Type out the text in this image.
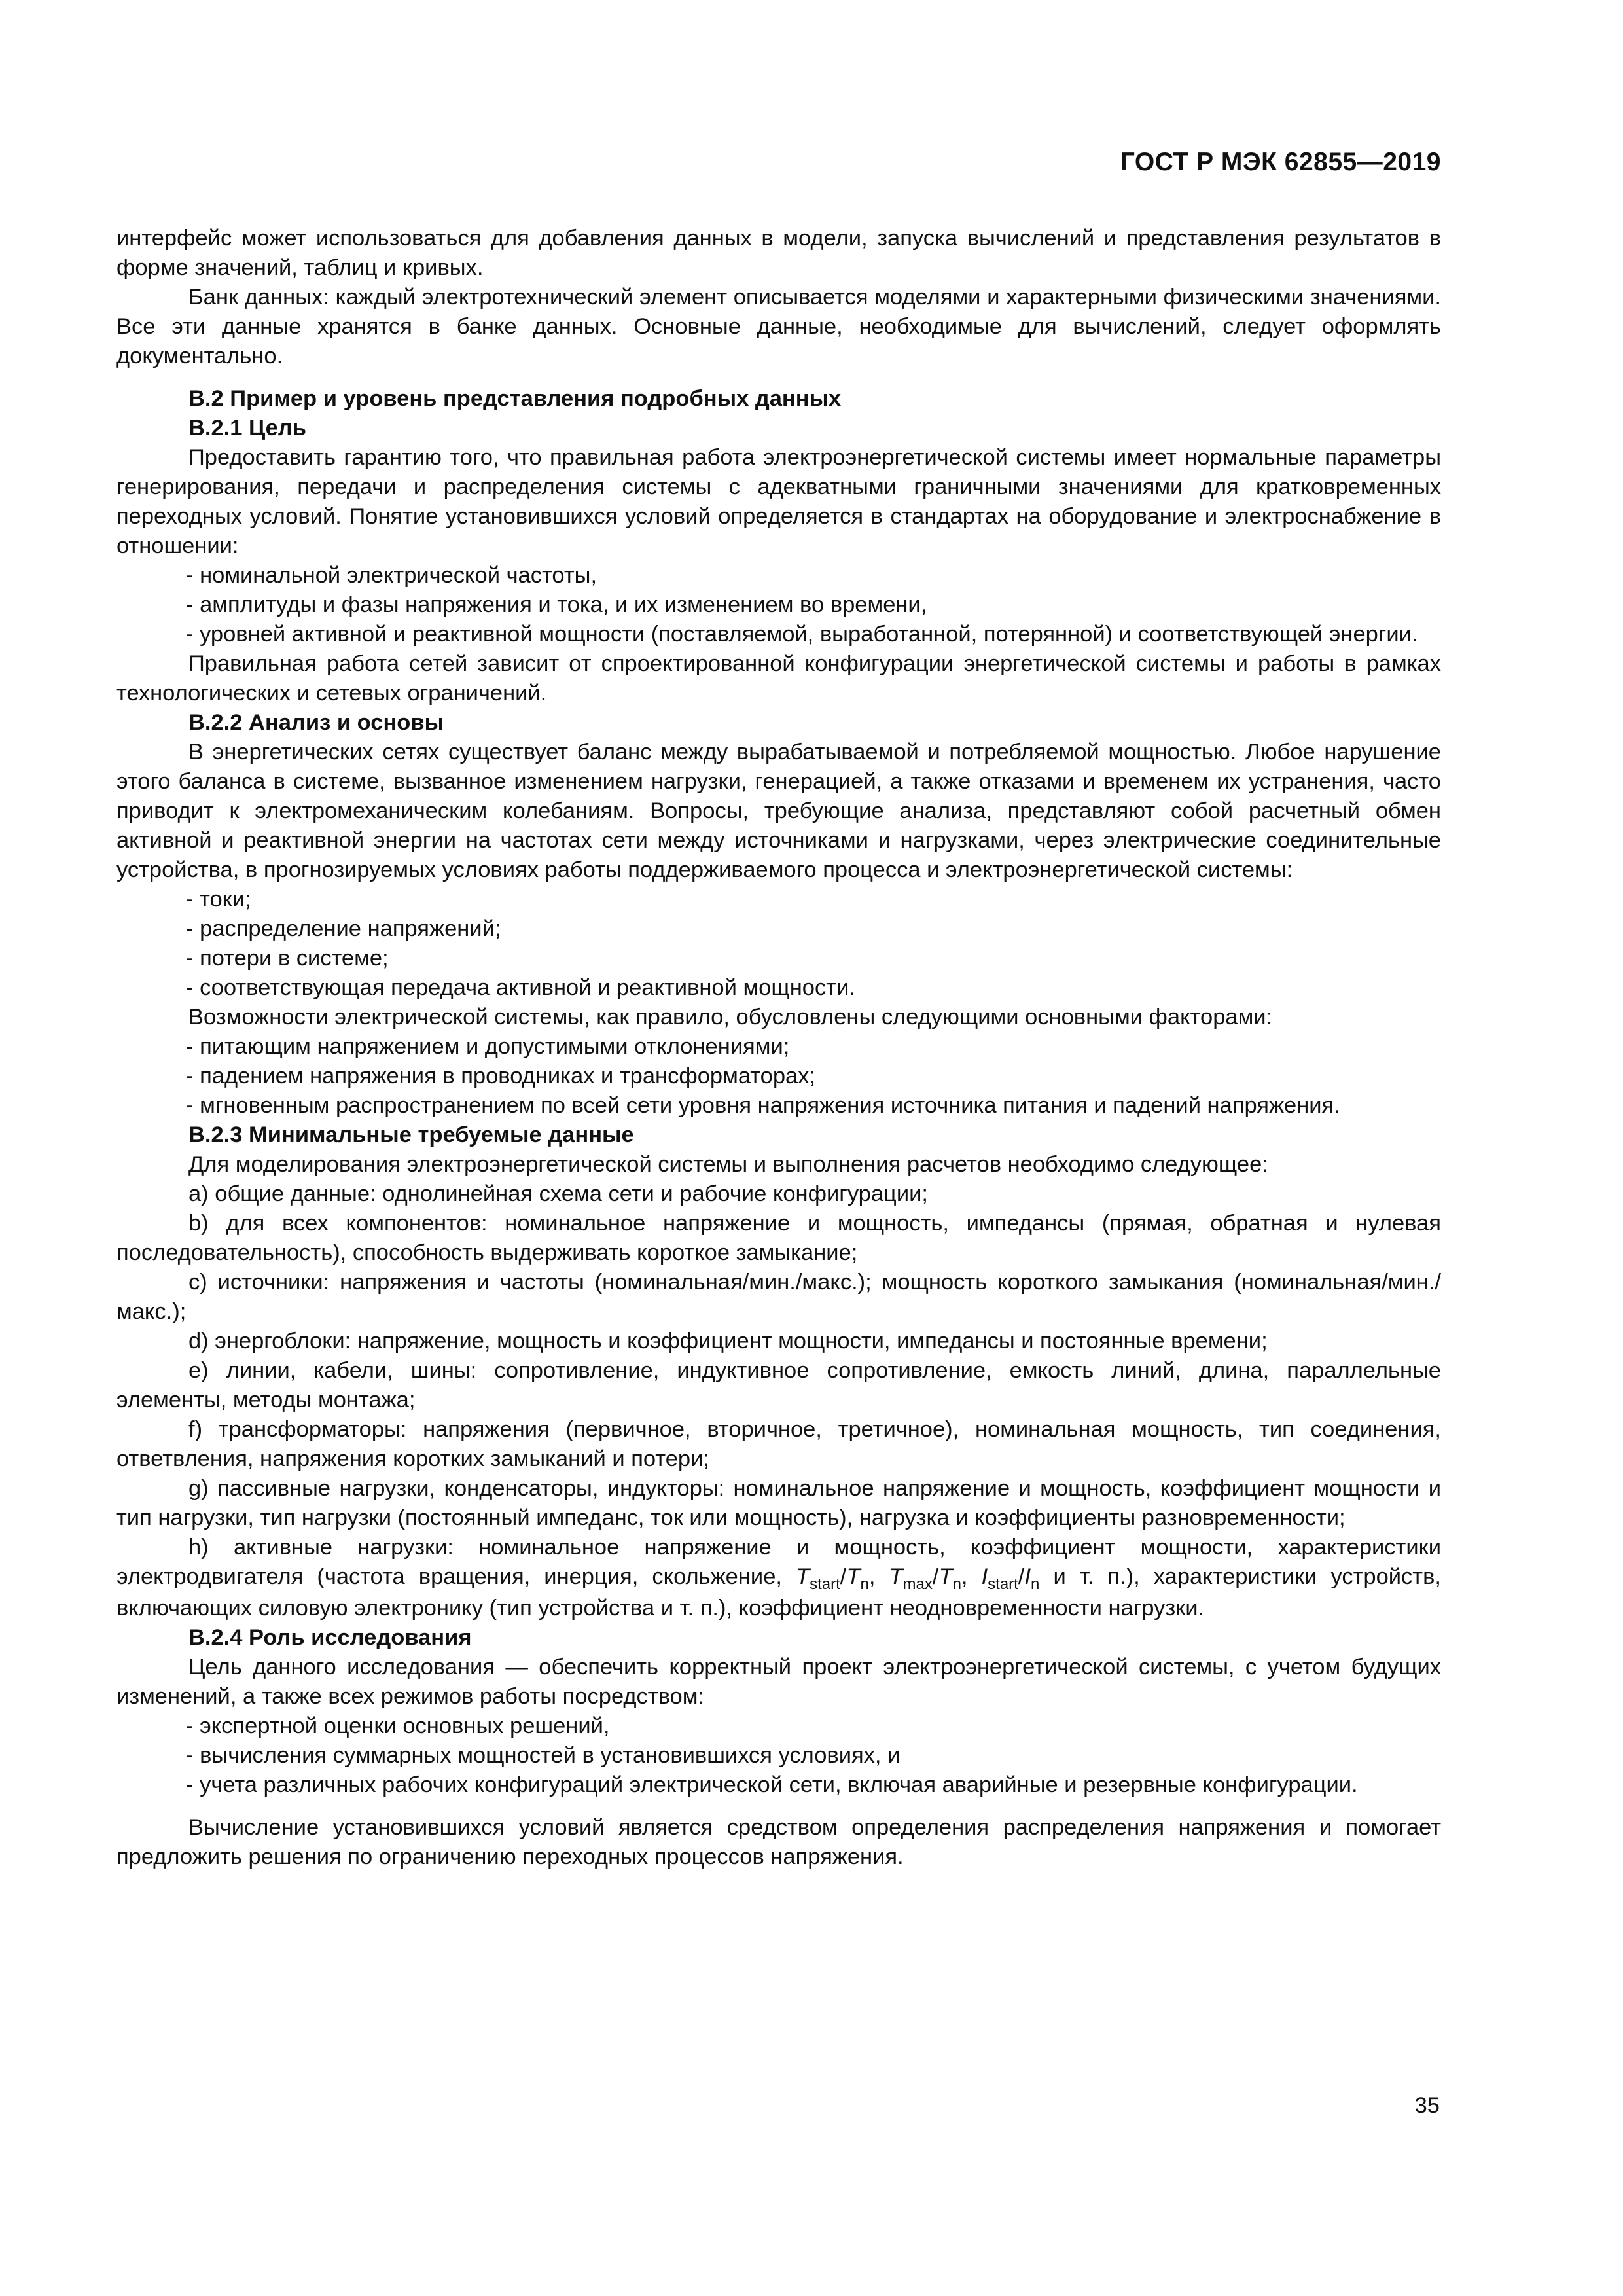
ГОСТ Р МЭК 62855—2019

интерфейс может использоваться для добавления данных в модели, запуска вычислений и представления результатов в форме значений, таблиц и кривых.

Банк данных: каждый электротехнический элемент описывается моделями и характерными физическими значениями. Все эти данные хранятся в банке данных. Основные данные, необходимые для вычислений, следует оформлять документально.

B.2 Пример и уровень представления подробных данных

B.2.1 Цель

Предоставить гарантию того, что правильная работа электроэнергетической системы имеет нормальные параметры генерирования, передачи и распределения системы с адекватными граничными значениями для кратковременных переходных условий. Понятие установившихся условий определяется в стандартах на оборудование и электроснабжение в отношении:

- номинальной электрической частоты,

- амплитуды и фазы напряжения и тока, и их изменением во времени,

- уровней активной и реактивной мощности (поставляемой, выработанной, потерянной) и соответствующей энергии.

Правильная работа сетей зависит от спроектированной конфигурации энергетической системы и работы в рамках технологических и сетевых ограничений.

B.2.2 Анализ и основы

В энергетических сетях существует баланс между вырабатываемой и потребляемой мощностью. Любое нарушение этого баланса в системе, вызванное изменением нагрузки, генерацией, а также отказами и временем их устранения, часто приводит к электромеханическим колебаниям. Вопросы, требующие анализа, представляют собой расчетный обмен активной и реактивной энергии на частотах сети между источниками и нагрузками, через электрические соединительные устройства, в прогнозируемых условиях работы поддерживаемого процесса и электроэнергетической системы:

- токи;

- распределение напряжений;

- потери в системе;

- соответствующая передача активной и реактивной мощности.

Возможности электрической системы, как правило, обусловлены следующими основными факторами:

- питающим напряжением и допустимыми отклонениями;

- падением напряжения в проводниках и трансформаторах;

- мгновенным распространением по всей сети уровня напряжения источника питания и падений напряжения.

B.2.3 Минимальные требуемые данные

Для моделирования электроэнергетической системы и выполнения расчетов необходимо следующее:

a) общие данные: однолинейная схема сети и рабочие конфигурации;

b) для всех компонентов: номинальное напряжение и мощность, импедансы (прямая, обратная и нулевая последовательность), способность выдерживать короткое замыкание;

c) источники: напряжения и частоты (номинальная/мин./макс.); мощность короткого замыкания (номинальная/мин./макс.);

d) энергоблоки: напряжение, мощность и коэффициент мощности, импедансы и постоянные времени;

e) линии, кабели, шины: сопротивление, индуктивное сопротивление, емкость линий, длина, параллельные элементы, методы монтажа;

f) трансформаторы: напряжения (первичное, вторичное, третичное), номинальная мощность, тип соединения, ответвления, напряжения коротких замыканий и потери;

g) пассивные нагрузки, конденсаторы, индукторы: номинальное напряжение и мощность, коэффициент мощности и тип нагрузки, тип нагрузки (постоянный импеданс, ток или мощность), нагрузка и коэффициенты разновременности;

h) активные нагрузки: номинальное напряжение и мощность, коэффициент мощности, характеристики электродвигателя (частота вращения, инерция, скольжение, $T_{start}/T_n$, $T_{max}/T_n$, $I_{start}/I_n$ и т. п.), характеристики устройств, включающих силовую электронику (тип устройства и т. п.), коэффициент неодновременности нагрузки.

B.2.4 Роль исследования

Цель данного исследования — обеспечить корректный проект электроэнергетической системы, с учетом будущих изменений, а также всех режимов работы посредством:

- экспертной оценки основных решений,

- вычисления суммарных мощностей в установившихся условиях, и

- учета различных рабочих конфигураций электрической сети, включая аварийные и резервные конфигурации.

Вычисление установившихся условий является средством определения распределения напряжения и помогает предложить решения по ограничению переходных процессов напряжения.

35
